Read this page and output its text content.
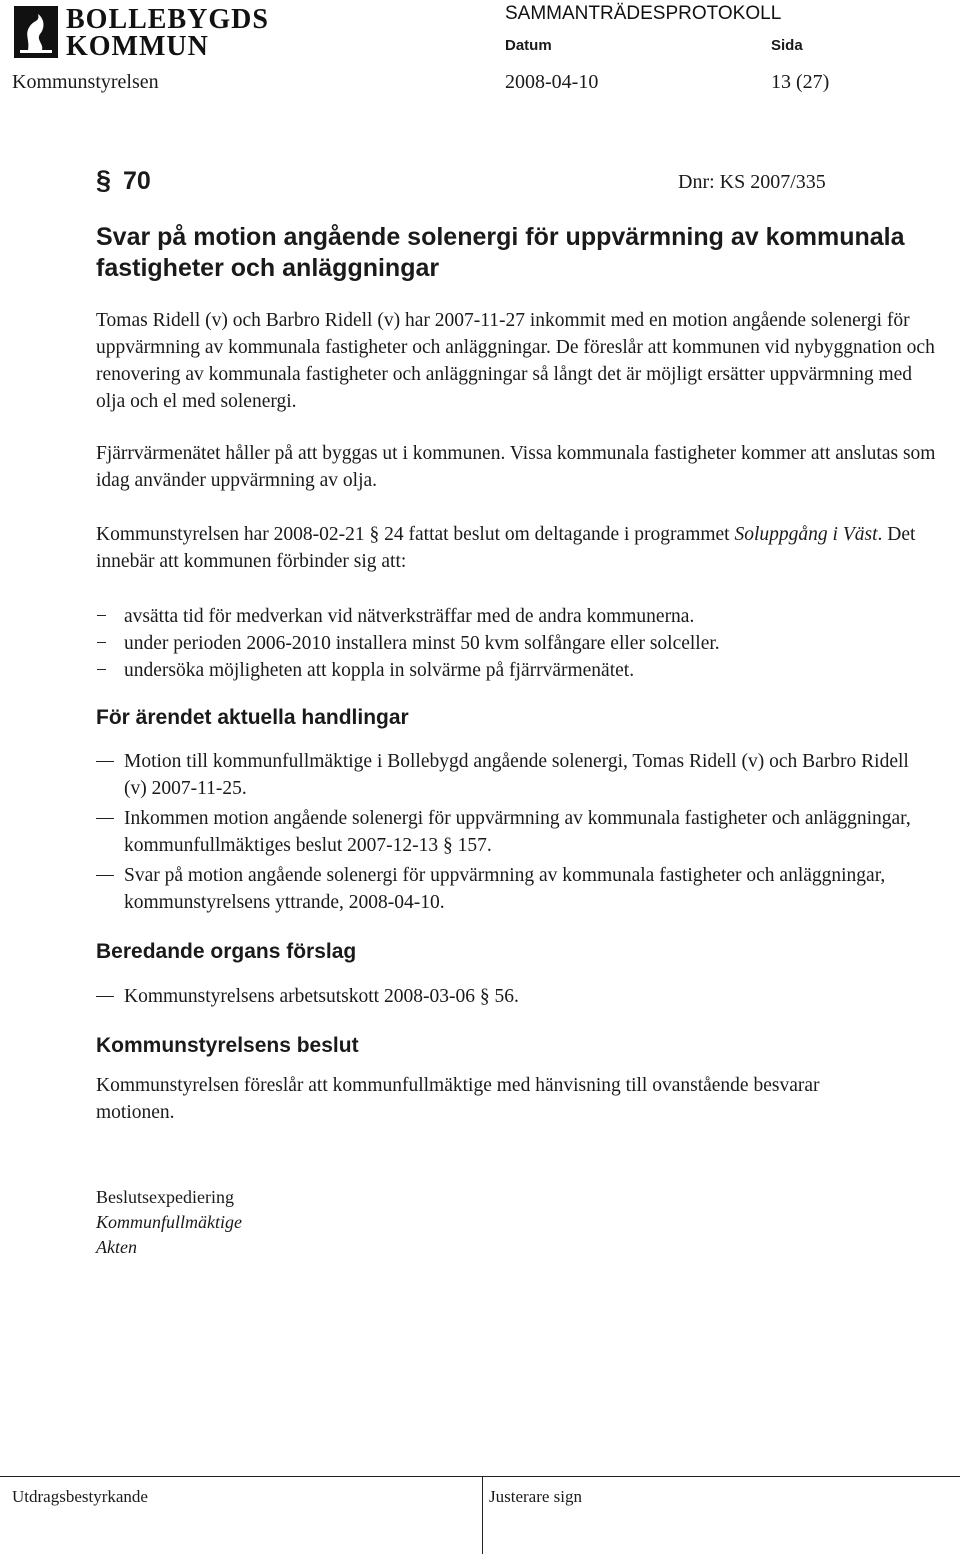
BOLLEBYGDS
KOMMUN
SAMMANTRÄDESPROTOKOLL
Datum	Sida
Kommunstyrelsen	2008-04-10	13 (27)
§ 70	Dnr: KS 2007/335
Svar på motion angående solenergi för uppvärmning av kommunala fastigheter och anläggningar
Tomas Ridell (v) och Barbro Ridell (v) har 2007-11-27 inkommit med en motion angående solenergi för uppvärmning av kommunala fastigheter och anläggningar. De föreslår att kommunen vid nybyggnation och renovering av kommunala fastigheter och anläggningar så långt det är möjligt ersätter uppvärmning med olja och el med solenergi.
Fjärrvärmenätet håller på att byggas ut i kommunen. Vissa kommunala fastigheter kommer att anslutas som idag använder uppvärmning av olja.
Kommunstyrelsen har 2008-02-21 § 24 fattat beslut om deltagande i programmet Soluppgång i Väst. Det innebär att kommunen förbinder sig att:
− avsätta tid för medverkan vid nätverksträffar med de andra kommunerna.
− under perioden 2006-2010 installera minst 50 kvm solfångare eller solceller.
− undersöka möjligheten att koppla in solvärme på fjärrvärmenätet.
För ärendet aktuella handlingar
Motion till kommunfullmäktige i Bollebygd angående solenergi, Tomas Ridell (v) och Barbro Ridell (v) 2007-11-25.
Inkommen motion angående solenergi för uppvärmning av kommunala fastigheter och anläggningar, kommunfullmäktiges beslut 2007-12-13 § 157.
Svar på motion angående solenergi för uppvärmning av kommunala fastigheter och anläggningar, kommunstyrelsens yttrande, 2008-04-10.
Beredande organs förslag
Kommunstyrelsens arbetsutskott 2008-03-06 § 56.
Kommunstyrelsens beslut
Kommunstyrelsen föreslår att kommunfullmäktige med hänvisning till ovanstående besvarar motionen.
Beslutsexpediering
Kommunfullmäktige
Akten
Utdragsbestyrkande	Justerare sign
